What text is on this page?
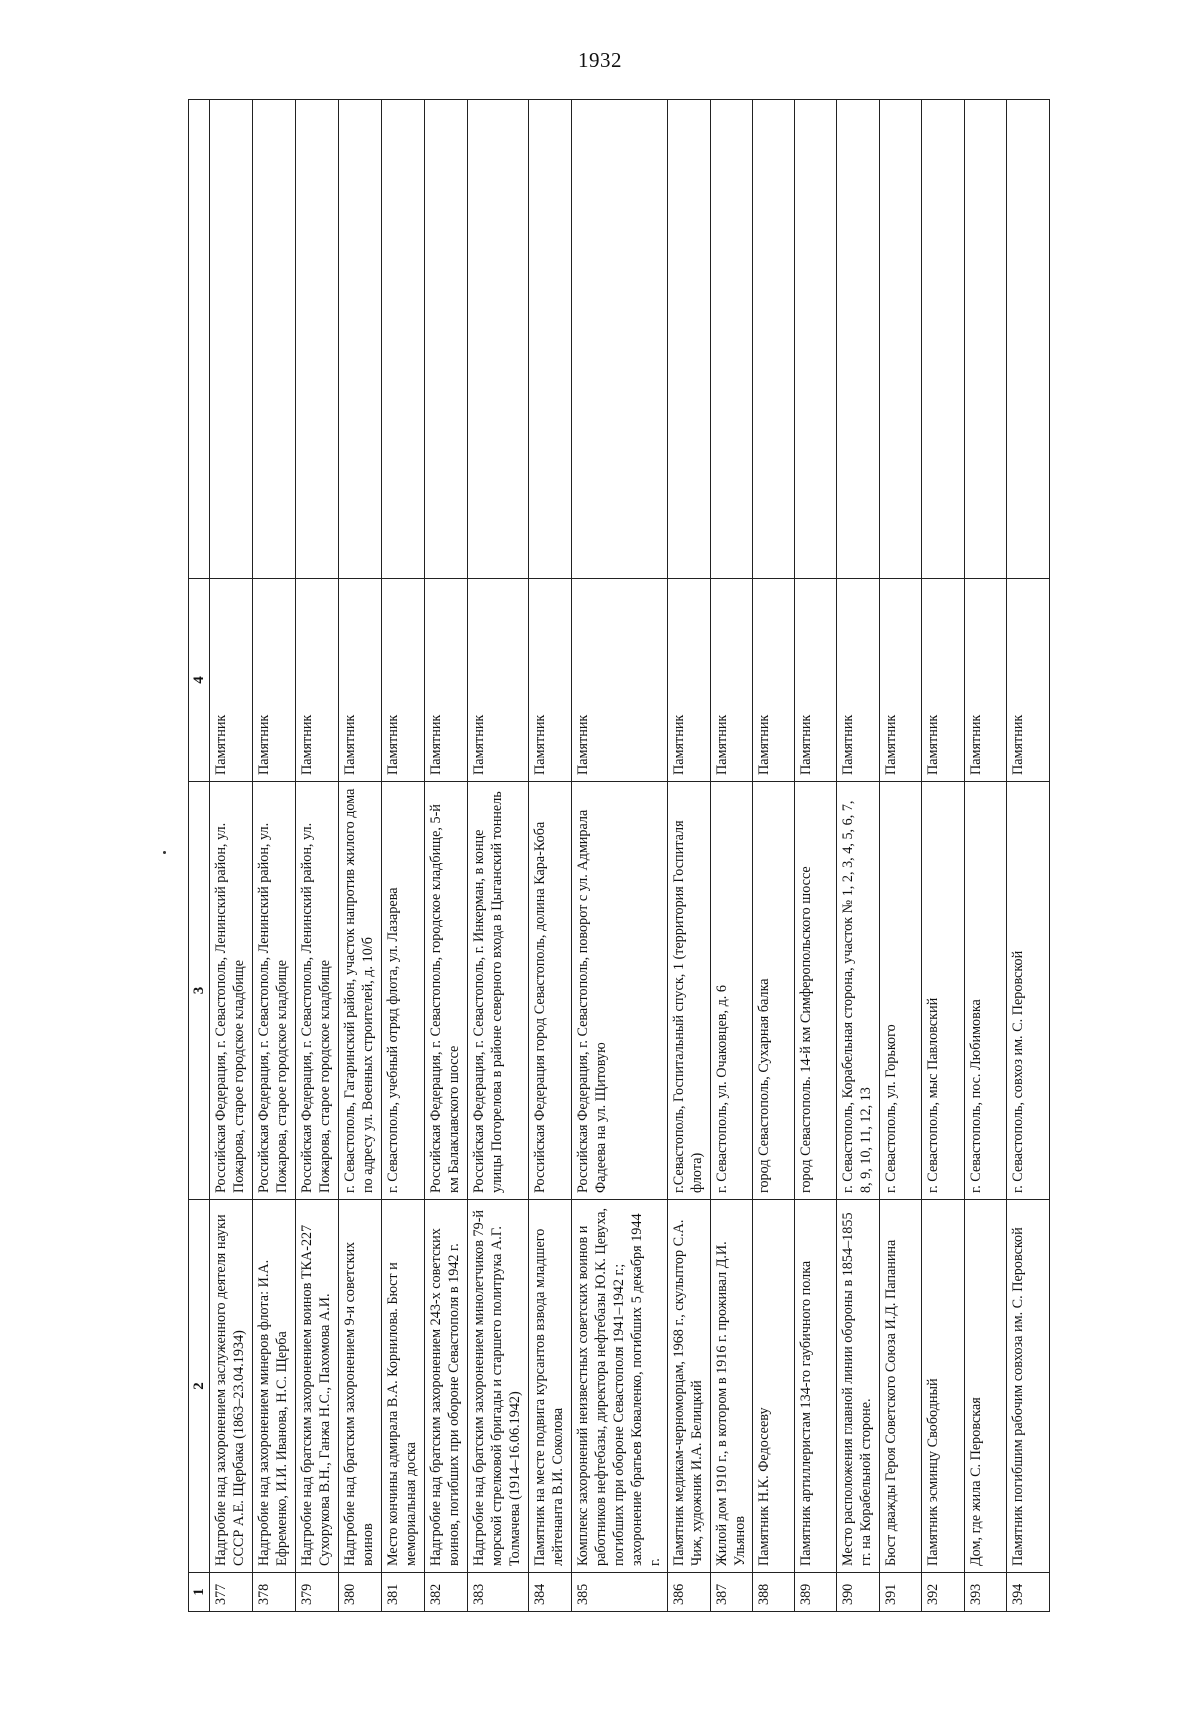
1932
1	2	3	4	
377	Надгробие над захоронением заслуженного деятеля науки СССР А.Е. Щербака (1863–23.04.1934)	Российская Федерация, г. Севастополь, Ленинский район, ул. Пожарова, старое городское кладбище	Памятник	
378	Надгробие над захоронением минеров флота: И.А. Ефременко, И.И. Иванова, Н.С. Щерба	Российская Федерация, г. Севастополь, Ленинский район, ул. Пожарова, старое городское кладбище	Памятник	
379	Надгробие над братским захоронением воинов ТКА-227 Сухорукова В.Н., Ганжа Н.С., Пахомова А.И.	Российская Федерация, г. Севастополь, Ленинский район, ул. Пожарова, старое городское кладбище	Памятник	
380	Надгробие над братским захоронением 9-и советских воинов	г. Севастополь, Гагаринский район, участок напротив жилого дома по адресу ул. Военных строителей, д. 10/б	Памятник	
381	Место кончины адмирала В.А. Корнилова. Бюст и мемориальная доска	г. Севастополь, учебный отряд флота, ул. Лазарева	Памятник	
382	Надгробие над братским захоронением 243-х советских воинов, погибших при обороне Севастополя в 1942 г.	Российская Федерация, г. Севастополь, городское кладбище, 5-й км Балаклавского шоссе	Памятник	
383	Надгробие над братским захоронением минолетчиков 79-й морской стрелковой бригады и старшего политрука А.Г. Толмачева (1914–16.06.1942)	Российская Федерация, г. Севастополь, г. Инкерман, в конце улицы Погорелова в районе северного входа в Цыганский тоннель	Памятник	
384	Памятник на месте подвига курсантов взвода младшего лейтенанта В.И. Соколова	Российская Федерация город Севастополь, долина Кара-Коба	Памятник	
385	Комплекс захоронений неизвестных советских воинов и работников нефтебазы, директора нефтебазы Ю.К. Цевуха, погибших при обороне Севастополя 1941–1942 г.; захоронение братьев Коваленко, погибших 5 декабря 1944 г.	Российская Федерация, г. Севастополь, поворот с ул. Адмирала Фадеева на ул. Щитовую	Памятник	
386	Памятник медикам-черноморцам, 1968 г., скульптор С.А. Чиж, художник И.А. Белицкий	г.Севастополь, Госпитальный спуск, 1 (территория Госпиталя флота)	Памятник	
387	Жилой дом 1910 г., в котором в 1916 г. проживал Д.И. Ульянов	г. Севастополь, ул. Очаковцев, д. 6	Памятник	
388	Памятник Н.К. Федосееву	город Севастополь, Сухарная балка	Памятник	
389	Памятник артиллеристам 134-го гаубичного полка	город Севастополь. 14-й км Симферопольского шоссе	Памятник	
390	Место расположения главной линии обороны в 1854–1855 гг. на Корабельной стороне.	г. Севастополь, Корабельная сторона, участок № 1, 2, 3, 4, 5, 6, 7, 8, 9, 10, 11, 12, 13	Памятник	
391	Бюст дважды Героя Советского Союза И.Д. Папанина	г. Севастополь, ул. Горького	Памятник	
392	Памятник эсминцу Свободный	г. Севастополь, мыс Павловский	Памятник	
393	Дом, где жила С. Перовская	г. Севастополь, пос. Любимовка	Памятник	
394	Памятник погибшим рабочим совхоза им. С. Перовской	г. Севастополь, совхоз им. С. Перовской	Памятник	
